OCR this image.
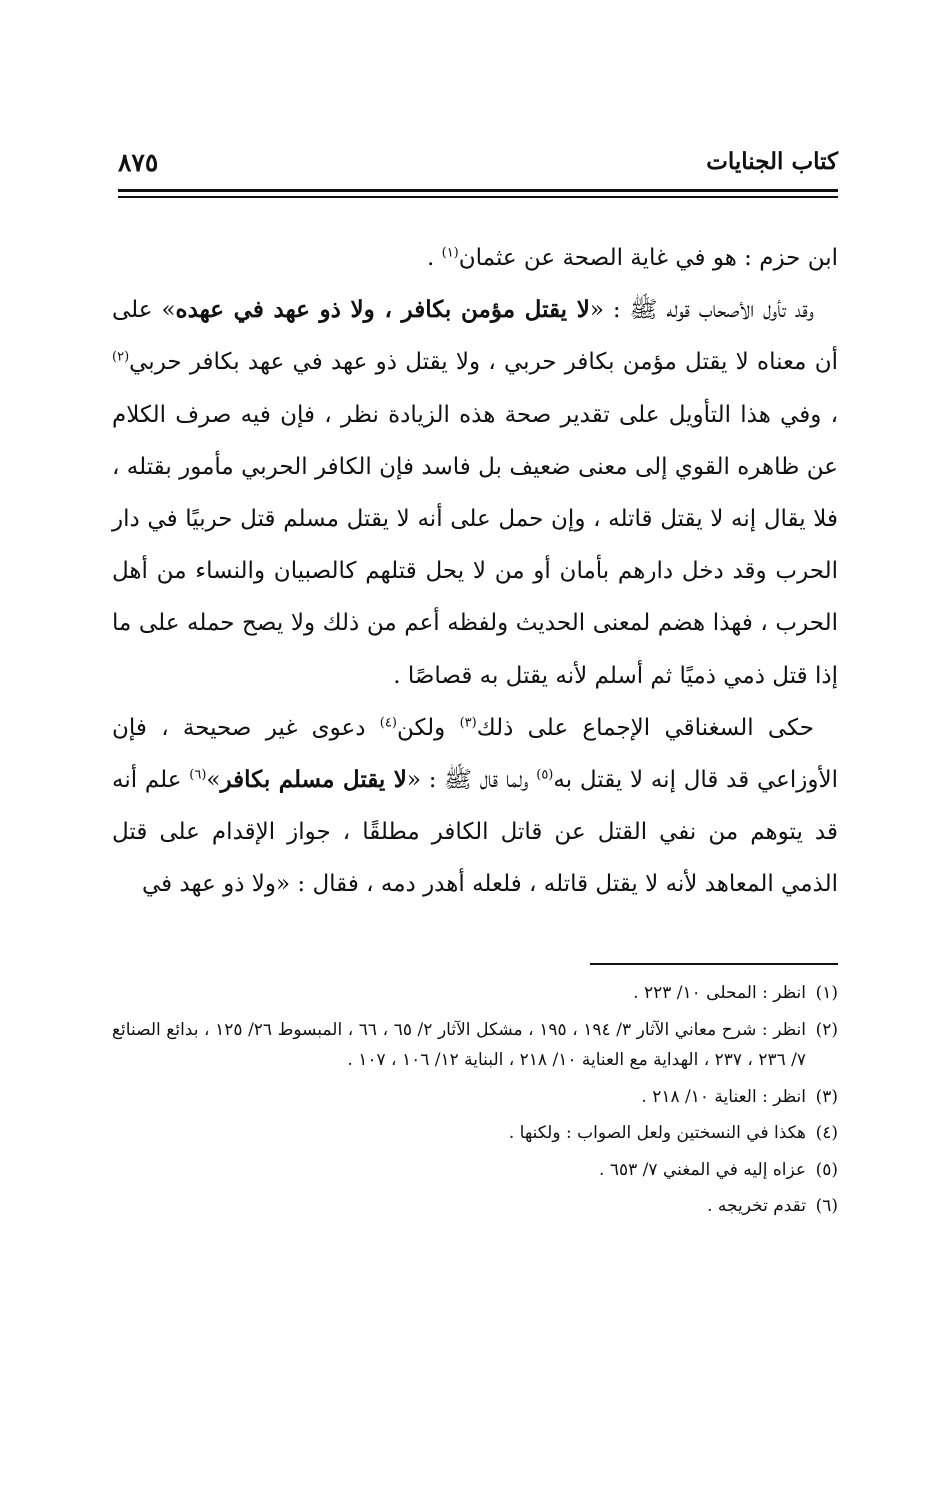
كتاب الجنايات
٨٧٥

ابن حزم : هو في غاية الصحة عن عثمان$^{(١)}$ .

وقد تأول الأصحاب قوله ﷺ : «لا يقتل مؤمن بكافر ، ولا ذو عهد في عهده» على أن معناه لا يقتل مؤمن بكافر حربي ، ولا يقتل ذو عهد في عهد بكافر حربي$^{(٢)}$ ، وفي هذا التأويل على تقدير صحة هذه الزيادة نظر ، فإن فيه صرف الكلام عن ظاهره القوي إلى معنى ضعيف بل فاسد فإن الكافر الحربي مأمور بقتله ، فلا يقال إنه لا يقتل قاتله ، وإن حمل على أنه لا يقتل مسلم قتل حربيًا في دار الحرب وقد دخل دارهم بأمان أو من لا يحل قتلهم كالصبيان والنساء من أهل الحرب ، فهذا هضم لمعنى الحديث ولفظه أعم من ذلك ولا يصح حمله على ما إذا قتل ذمي ذميًا ثم أسلم لأنه يقتل به قصاصًا .

حكى السغناقي الإجماع على ذلك$^{(٣)}$ ولكن$^{(٤)}$ دعوى غير صحيحة ، فإن الأوزاعي قد قال إنه لا يقتل به$^{(٥)}$ ولما قال ﷺ : «لا يقتل مسلم بكافر»$^{(٦)}$ علم أنه قد يتوهم من نفي القتل عن قاتل الكافر مطلقًا ، جواز الإقدام على قتل الذمي المعاهد لأنه لا يقتل قاتله ، فلعله أهدر دمه ، فقال : «ولا ذو عهد في

(١)
انظر : المحلى ١٠/ ٢٢٣ .
(٢)
انظر : شرح معاني الآثار ٣/ ١٩٤ ، ١٩٥ ، مشكل الآثار ٢/ ٦٥ ، ٦٦ ، المبسوط ٢٦/ ١٢٥ ، بدائع الصنائع ٧/ ٢٣٦ ، ٢٣٧ ، الهداية مع العناية ١٠/ ٢١٨ ، البناية ١٢/ ١٠٦ ، ١٠٧ .
(٣)
انظر : العناية ١٠/ ٢١٨ .
(٤)
هكذا في النسختين ولعل الصواب : ولكنها .
(٥)
عزاه إليه في المغني ٧/ ٦٥٣ .
(٦)
تقدم تخريجه .
